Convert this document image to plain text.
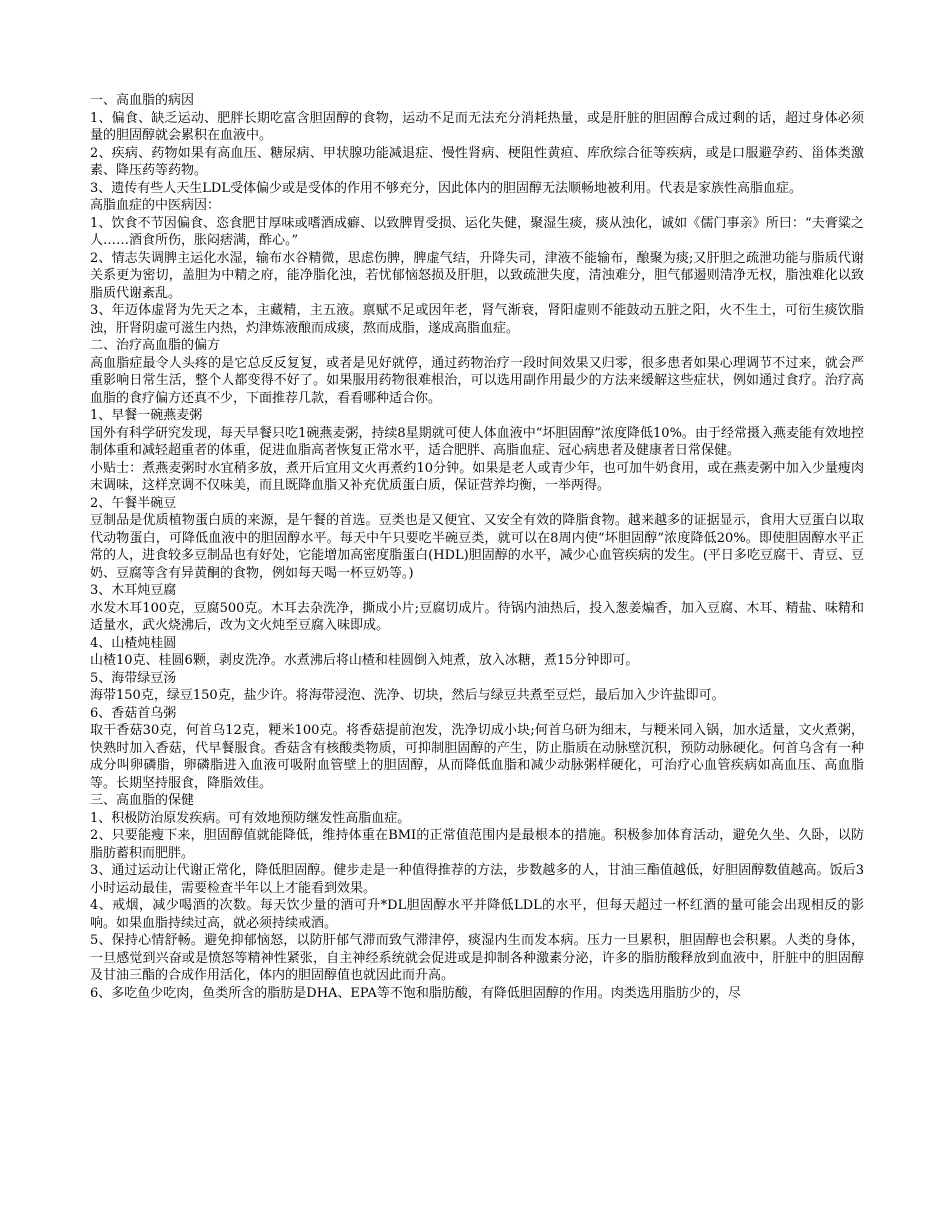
一、高血脂的病因

1、偏食、缺乏运动、肥胖长期吃富含胆固醇的食物，运动不足而无法充分消耗热量，或是肝脏的胆固醇合成过剩的话，超过身体必须量的胆固醇就会累积在血液中。

2、疾病、药物如果有高血压、糖尿病、甲状腺功能减退症、慢性肾病、梗阻性黄疸、库欣综合征等疾病，或是口服避孕药、甾体类激素、降压药等药物。

3、遗传有些人天生LDL受体偏少或是受体的作用不够充分，因此体内的胆固醇无法顺畅地被利用。代表是家族性高脂血症。

高脂血症的中医病因：

1、饮食不节因偏食、恣食肥甘厚味或嗜酒成癖、以致脾胃受损、运化失健，聚湿生痰，痰从浊化，诚如《儒门事亲》所曰：“夫膏粱之人……酒食所伤，胀闷痞满，酢心。”

2、情志失调脾主运化水湿，输布水谷精微，思虑伤脾，脾虚气结，升降失司，津液不能输布，酿聚为痰;又肝胆之疏泄功能与脂质代谢关系更为密切，盖胆为中精之府，能净脂化浊，若忧郁恼怒损及肝胆，以致疏泄失度，清浊难分，胆气郁遏则清净无权，脂浊难化以致脂质代谢紊乱。

3、年迈体虚肾为先天之本，主藏精，主五液。禀赋不足或因年老，肾气渐衰，肾阳虚则不能鼓动五脏之阳，火不生土，可衍生痰饮脂浊，肝肾阴虚可滋生内热，灼津炼液酿而成痰，熬而成脂，遂成高脂血症。

二、治疗高血脂的偏方

高血脂症最令人头疼的是它总反反复复，或者是见好就停，通过药物治疗一段时间效果又归零，很多患者如果心理调节不过来，就会严重影响日常生活，整个人都变得不好了。如果服用药物很难根治，可以选用副作用最少的方法来缓解这些症状，例如通过食疗。治疗高血脂的食疗偏方还真不少，下面推荐几款，看看哪种适合你。

1、早餐一碗燕麦粥

国外有科学研究发现，每天早餐只吃1碗燕麦粥，持续8星期就可使人体血液中“坏胆固醇”浓度降低10%。由于经常摄入燕麦能有效地控制体重和减轻超重者的体重，促进血脂高者恢复正常水平，适合肥胖、高脂血症、冠心病患者及健康者日常保健。

小贴士：煮燕麦粥时水宜稍多放，煮开后宜用文火再煮约10分钟。如果是老人或青少年，也可加牛奶食用，或在燕麦粥中加入少量瘦肉末调味，这样烹调不仅味美，而且既降血脂又补充优质蛋白质，保证营养均衡，一举两得。

2、午餐半碗豆

豆制品是优质植物蛋白质的来源，是午餐的首选。豆类也是又便宜、又安全有效的降脂食物。越来越多的证据显示，食用大豆蛋白以取代动物蛋白，可降低血液中的胆固醇水平。每天中午只要吃半碗豆类，就可以在8周内使“坏胆固醇”浓度降低20%。即使胆固醇水平正常的人，进食较多豆制品也有好处，它能增加高密度脂蛋白(HDL)胆固醇的水平，减少心血管疾病的发生。(平日多吃豆腐干、青豆、豆奶、豆腐等含有异黄酮的食物，例如每天喝一杯豆奶等。)

3、木耳炖豆腐

水发木耳100克，豆腐500克。木耳去杂洗净，撕成小片;豆腐切成片。待锅内油热后，投入葱姜煸香，加入豆腐、木耳、精盐、味精和适量水，武火烧沸后，改为文火炖至豆腐入味即成。

4、山楂炖桂圆

山楂10克、桂圆6颗，剥皮洗净。水煮沸后将山楂和桂圆倒入炖煮，放入冰糖，煮15分钟即可。

5、海带绿豆汤

海带150克，绿豆150克，盐少许。将海带浸泡、洗净、切块，然后与绿豆共煮至豆烂，最后加入少许盐即可。

6、香菇首乌粥

取干香菇30克，何首乌12克，粳米100克。将香菇提前泡发，洗净切成小块;何首乌研为细末，与粳米同入锅，加水适量，文火煮粥，快熟时加入香菇，代早餐服食。香菇含有核酸类物质，可抑制胆固醇的产生，防止脂质在动脉壁沉积，预防动脉硬化。何首乌含有一种成分叫卵磷脂，卵磷脂进入血液可吸附血管壁上的胆固醇，从而降低血脂和减少动脉粥样硬化，可治疗心血管疾病如高血压、高血脂等。长期坚持服食，降脂效佳。

三、高血脂的保健

1、积极防治原发疾病。可有效地预防继发性高脂血症。

2、只要能瘦下来，胆固醇值就能降低，维持体重在BMI的正常值范围内是最根本的措施。积极参加体育活动，避免久坐、久卧，以防脂肪蓄积而肥胖。

3、通过运动让代谢正常化，降低胆固醇。健步走是一种值得推荐的方法，步数越多的人，甘油三酯值越低，好胆固醇数值越高。饭后3小时运动最佳，需要检查半年以上才能看到效果。

4、戒烟，减少喝酒的次数。每天饮少量的酒可升*DL胆固醇水平并降低LDL的水平，但每天超过一杯红酒的量可能会出现相反的影响。如果血脂持续过高，就必须持续戒酒。

5、保持心情舒畅。避免抑郁恼怒，以防肝郁气滞而致气滞津停，痰湿内生而发本病。压力一旦累积，胆固醇也会积累。人类的身体，一旦感觉到兴奋或是愤怒等精神性紧张，自主神经系统就会促进或是抑制各种激素分泌，许多的脂肪酸释放到血液中，肝脏中的胆固醇及甘油三酯的合成作用活化，体内的胆固醇值也就因此而升高。

6、多吃鱼少吃肉，鱼类所含的脂肪是DHA、EPA等不饱和脂肪酸，有降低胆固醇的作用。肉类选用脂肪少的，尽
